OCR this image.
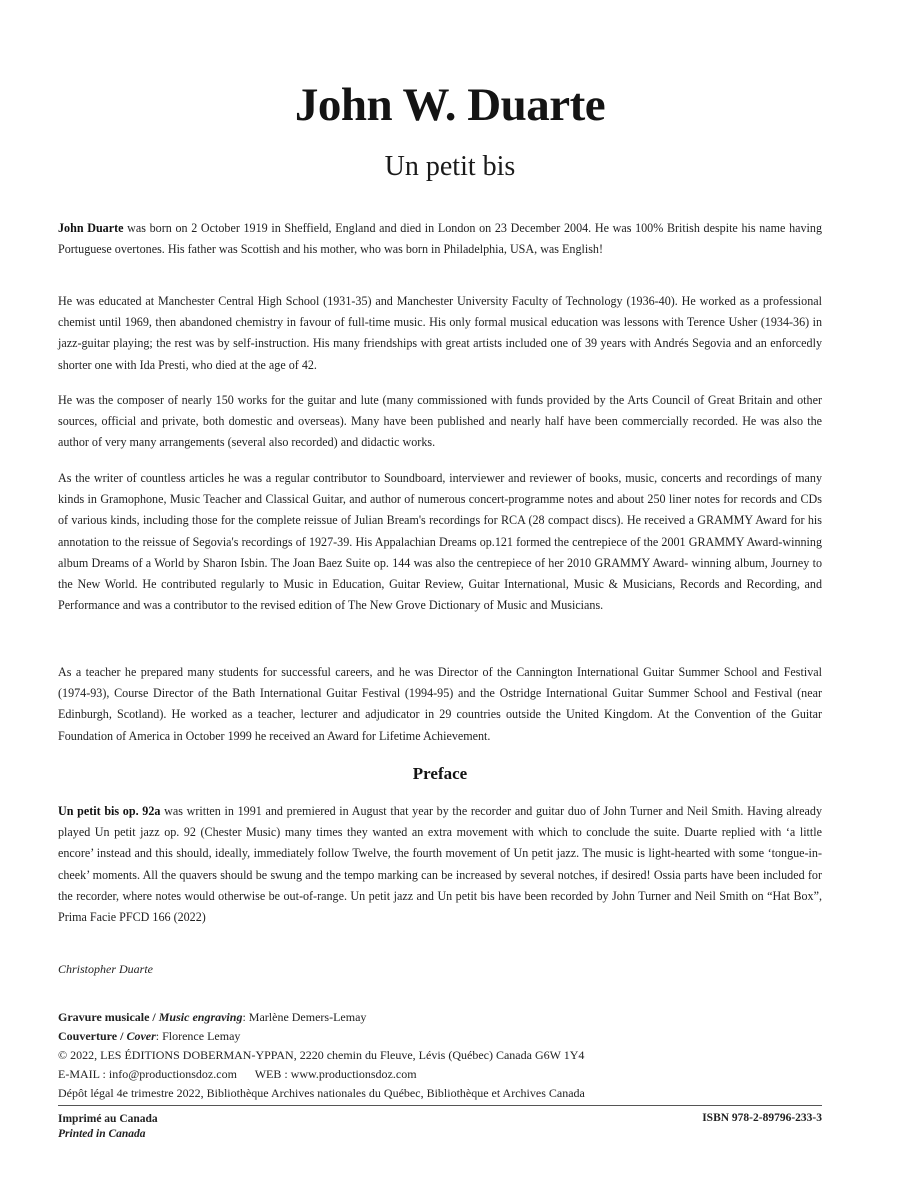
John W. Duarte
Un petit bis

John Duarte was born on 2 October 1919 in Sheffield, England and died in London on 23 December 2004. He was 100% British despite his name having Portuguese overtones. His father was Scottish and his mother, who was born in Philadelphia, USA, was English!

He was educated at Manchester Central High School (1931-35) and Manchester University Faculty of Technology (1936-40). He worked as a professional chemist until 1969, then abandoned chemistry in favour of full-time music. His only formal musical education was lessons with Terence Usher (1934-36) in jazz-guitar playing; the rest was by self-instruction. His many friendships with great artists included one of 39 years with Andrés Segovia and an enforcedly shorter one with Ida Presti, who died at the age of 42.

He was the composer of nearly 150 works for the guitar and lute (many commissioned with funds provided by the Arts Council of Great Britain and other sources, official and private, both domestic and overseas). Many have been published and nearly half have been commercially recorded. He was also the author of very many arrangements (several also recorded) and didactic works.

As the writer of countless articles he was a regular contributor to Soundboard, interviewer and reviewer of books, music, concerts and recordings of many kinds in Gramophone, Music Teacher and Classical Guitar, and author of numerous concert-programme notes and about 250 liner notes for records and CDs of various kinds, including those for the complete reissue of Julian Bream's recordings for RCA (28 compact discs). He received a GRAMMY Award for his annotation to the reissue of Segovia's recordings of 1927-39. His Appalachian Dreams op.121 formed the centrepiece of the 2001 GRAMMY Award-winning album Dreams of a World by Sharon Isbin. The Joan Baez Suite op. 144 was also the centrepiece of her 2010 GRAMMY Award- winning album, Journey to the New World. He contributed regularly to Music in Education, Guitar Review, Guitar International, Music & Musicians, Records and Recording, and Performance and was a contributor to the revised edition of The New Grove Dictionary of Music and Musicians.

As a teacher he prepared many students for successful careers, and he was Director of the Cannington International Guitar Summer School and Festival (1974-93), Course Director of the Bath International Guitar Festival (1994-95) and the Ostridge International Guitar Summer School and Festival (near Edinburgh, Scotland). He worked as a teacher, lecturer and adjudicator in 29 countries outside the United Kingdom. At the Convention of the Guitar Foundation of America in October 1999 he received an Award for Lifetime Achievement.

Preface

Un petit bis op. 92a was written in 1991 and premiered in August that year by the recorder and guitar duo of John Turner and Neil Smith. Having already played Un petit jazz op. 92 (Chester Music) many times they wanted an extra movement with which to conclude the suite. Duarte replied with ‘a little encore’ instead and this should, ideally, immediately follow Twelve, the fourth movement of Un petit jazz. The music is light-hearted with some ‘tongue-in-cheek’ moments. All the quavers should be swung and the tempo marking can be increased by several notches, if desired! Ossia parts have been included for the recorder, where notes would otherwise be out-of-range. Un petit jazz and Un petit bis have been recorded by John Turner and Neil Smith on “Hat Box”, Prima Facie PFCD 166 (2022)

Christopher Duarte

Gravure musicale / Music engraving: Marlène Demers-Lemay
Couverture / Cover: Florence Lemay
© 2022, LES ÉDITIONS DOBERMAN-YPPAN, 2220 chemin du Fleuve, Lévis (Québec) Canada G6W 1Y4
E-MAIL : info@productionsdoz.com      WEB : www.productionsdoz.com
Dépôt légal 4e trimestre 2022, Bibliothèque Archives nationales du Québec, Bibliothèque et Archives Canada
Imprimé au Canada
Printed in Canada
ISBN 978-2-89796-233-3
